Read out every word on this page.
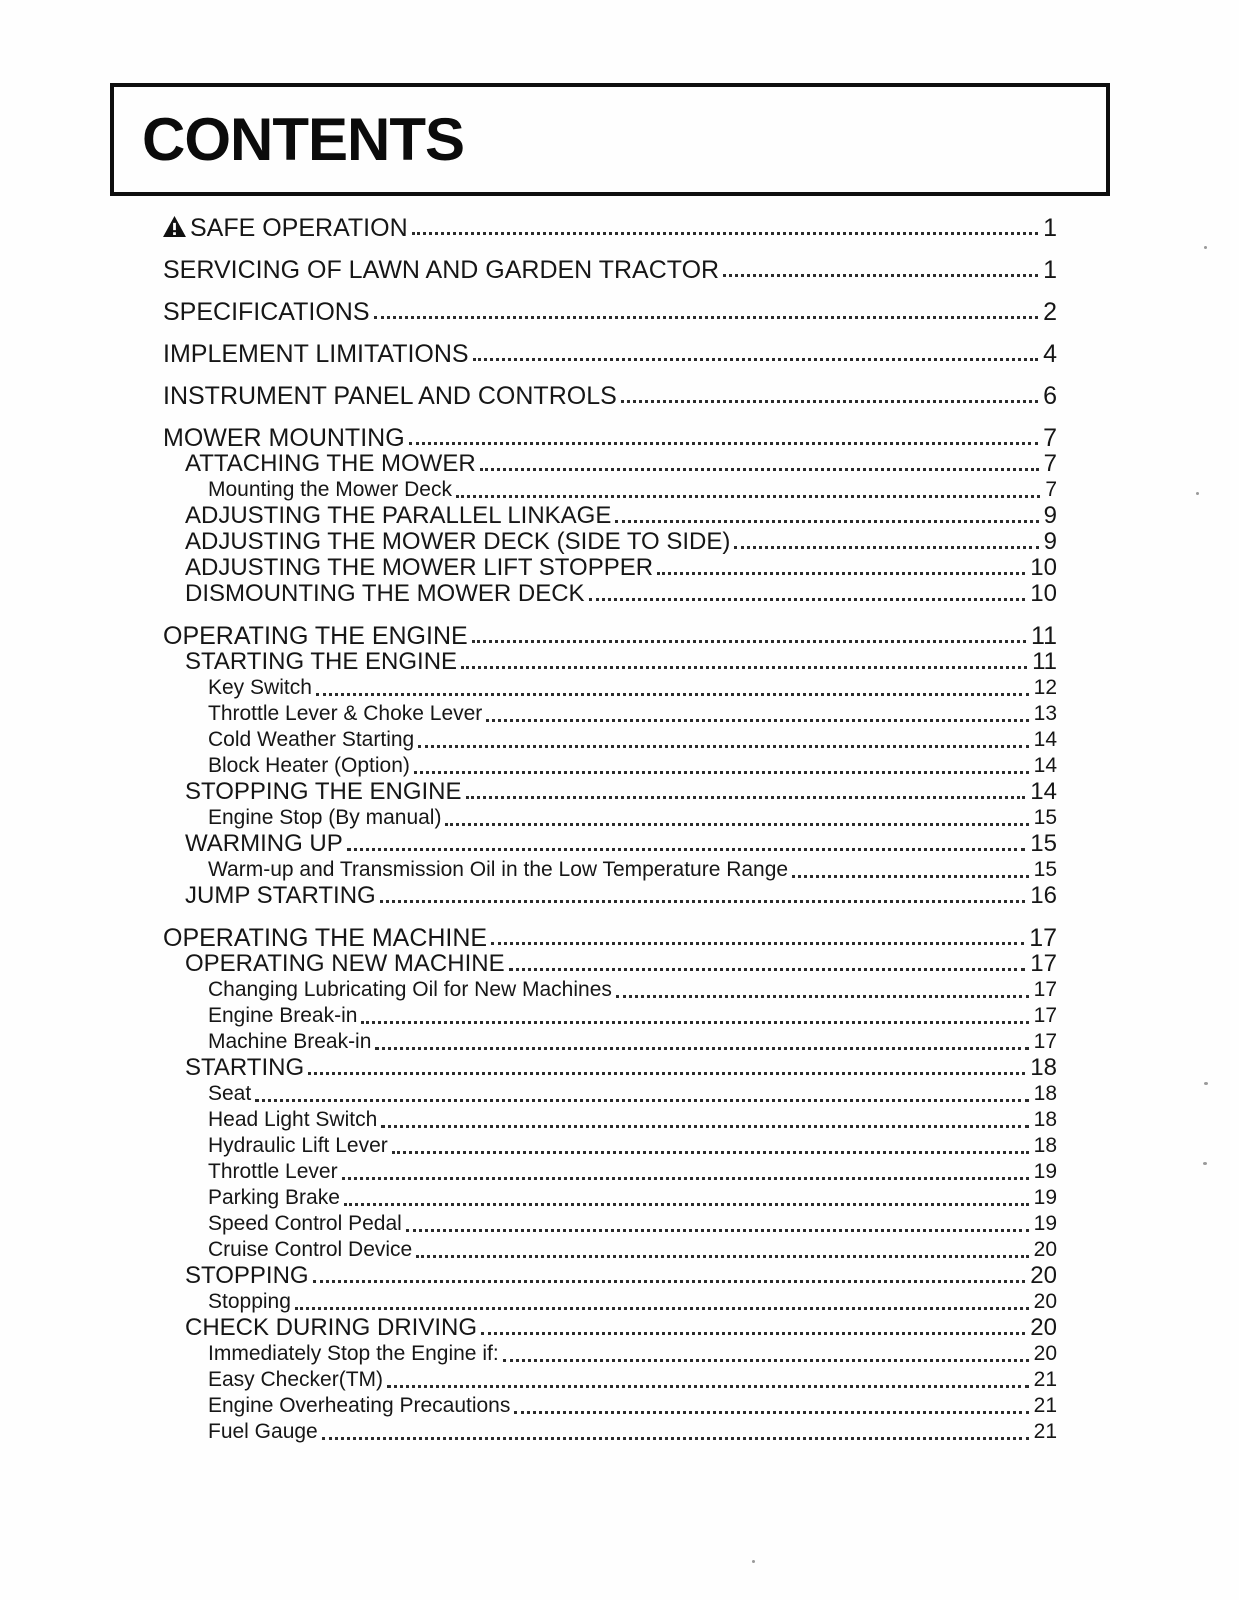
CONTENTS
SAFE OPERATION	1
SERVICING OF LAWN AND GARDEN TRACTOR	1
SPECIFICATIONS	2
IMPLEMENT LIMITATIONS	4
INSTRUMENT PANEL AND CONTROLS	6
MOWER MOUNTING	7
ATTACHING THE MOWER	7
Mounting the Mower Deck	7
ADJUSTING THE PARALLEL LINKAGE	9
ADJUSTING THE MOWER DECK (SIDE TO SIDE)	9
ADJUSTING THE MOWER LIFT STOPPER	10
DISMOUNTING THE MOWER DECK	10
OPERATING THE ENGINE	11
STARTING THE ENGINE	11
Key Switch	12
Throttle Lever & Choke Lever	13
Cold Weather Starting	14
Block Heater (Option)	14
STOPPING THE ENGINE	14
Engine Stop (By manual)	15
WARMING UP	15
Warm-up and Transmission Oil in the Low Temperature Range	15
JUMP STARTING	16
OPERATING THE MACHINE	17
OPERATING NEW MACHINE	17
Changing Lubricating Oil for New Machines	17
Engine Break-in	17
Machine Break-in	17
STARTING	18
Seat	18
Head Light Switch	18
Hydraulic Lift Lever	18
Throttle Lever	19
Parking Brake	19
Speed Control Pedal	19
Cruise Control Device	20
STOPPING	20
Stopping	20
CHECK DURING DRIVING	20
Immediately Stop the Engine if:	20
Easy Checker(TM)	21
Engine Overheating Precautions	21
Fuel Gauge	21
